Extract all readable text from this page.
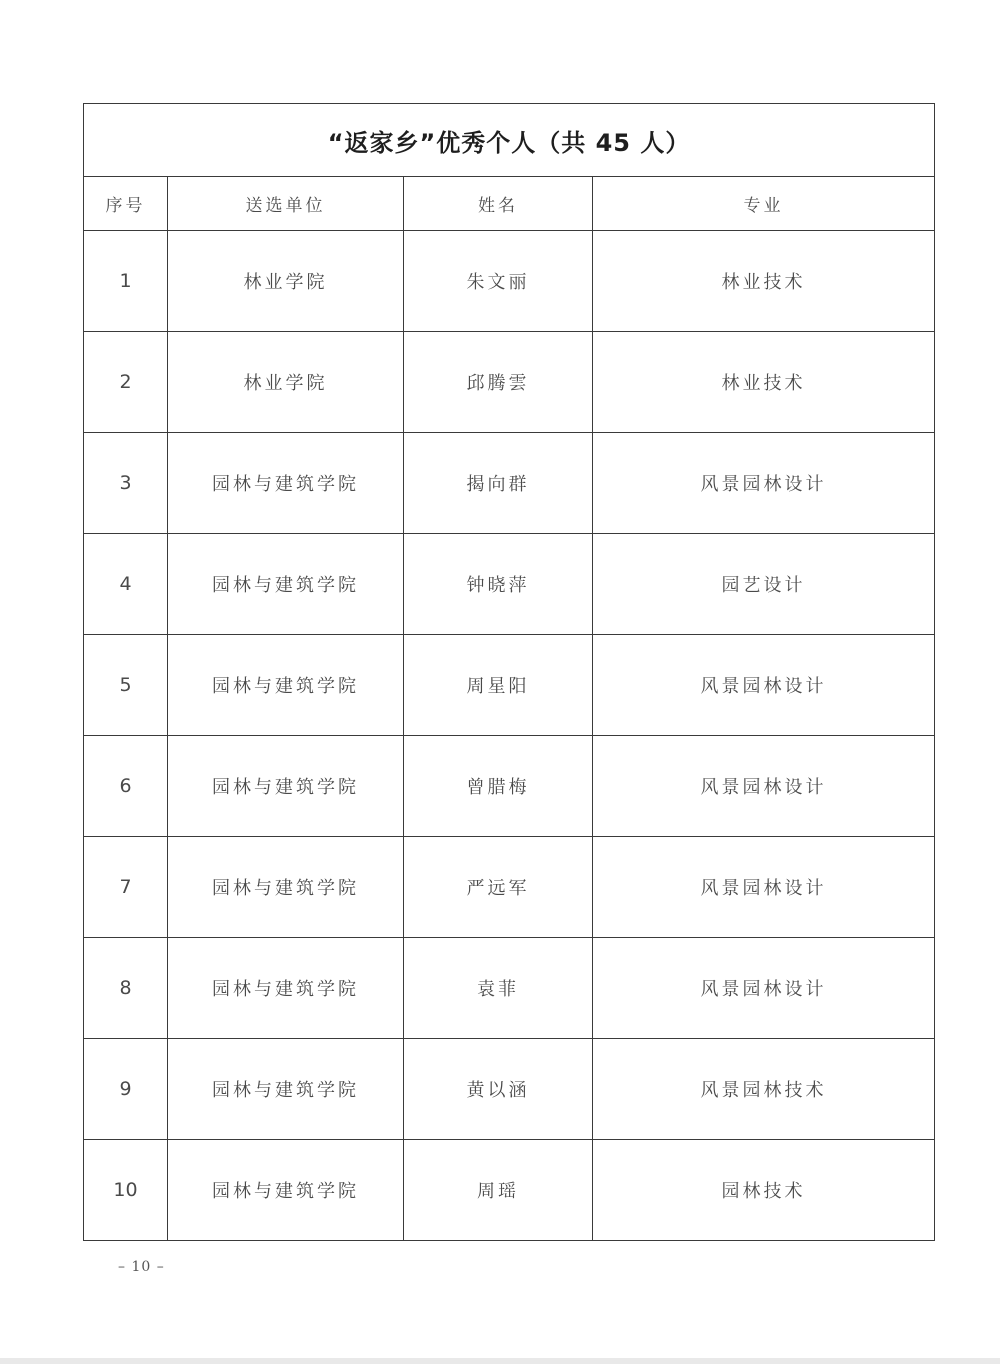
“返家乡”优秀个人（共 45 人）			
序号	送选单位	姓名	专业
1	林业学院	朱文丽	林业技术
2	林业学院	邱腾雲	林业技术
3	园林与建筑学院	揭向群	风景园林设计
4	园林与建筑学院	钟晓萍	园艺设计
5	园林与建筑学院	周星阳	风景园林设计
6	园林与建筑学院	曾腊梅	风景园林设计
7	园林与建筑学院	严远军	风景园林设计
8	园林与建筑学院	袁菲	风景园林设计
9	园林与建筑学院	黄以涵	风景园林技术
10	园林与建筑学院	周瑶	园林技术
– 10 –
